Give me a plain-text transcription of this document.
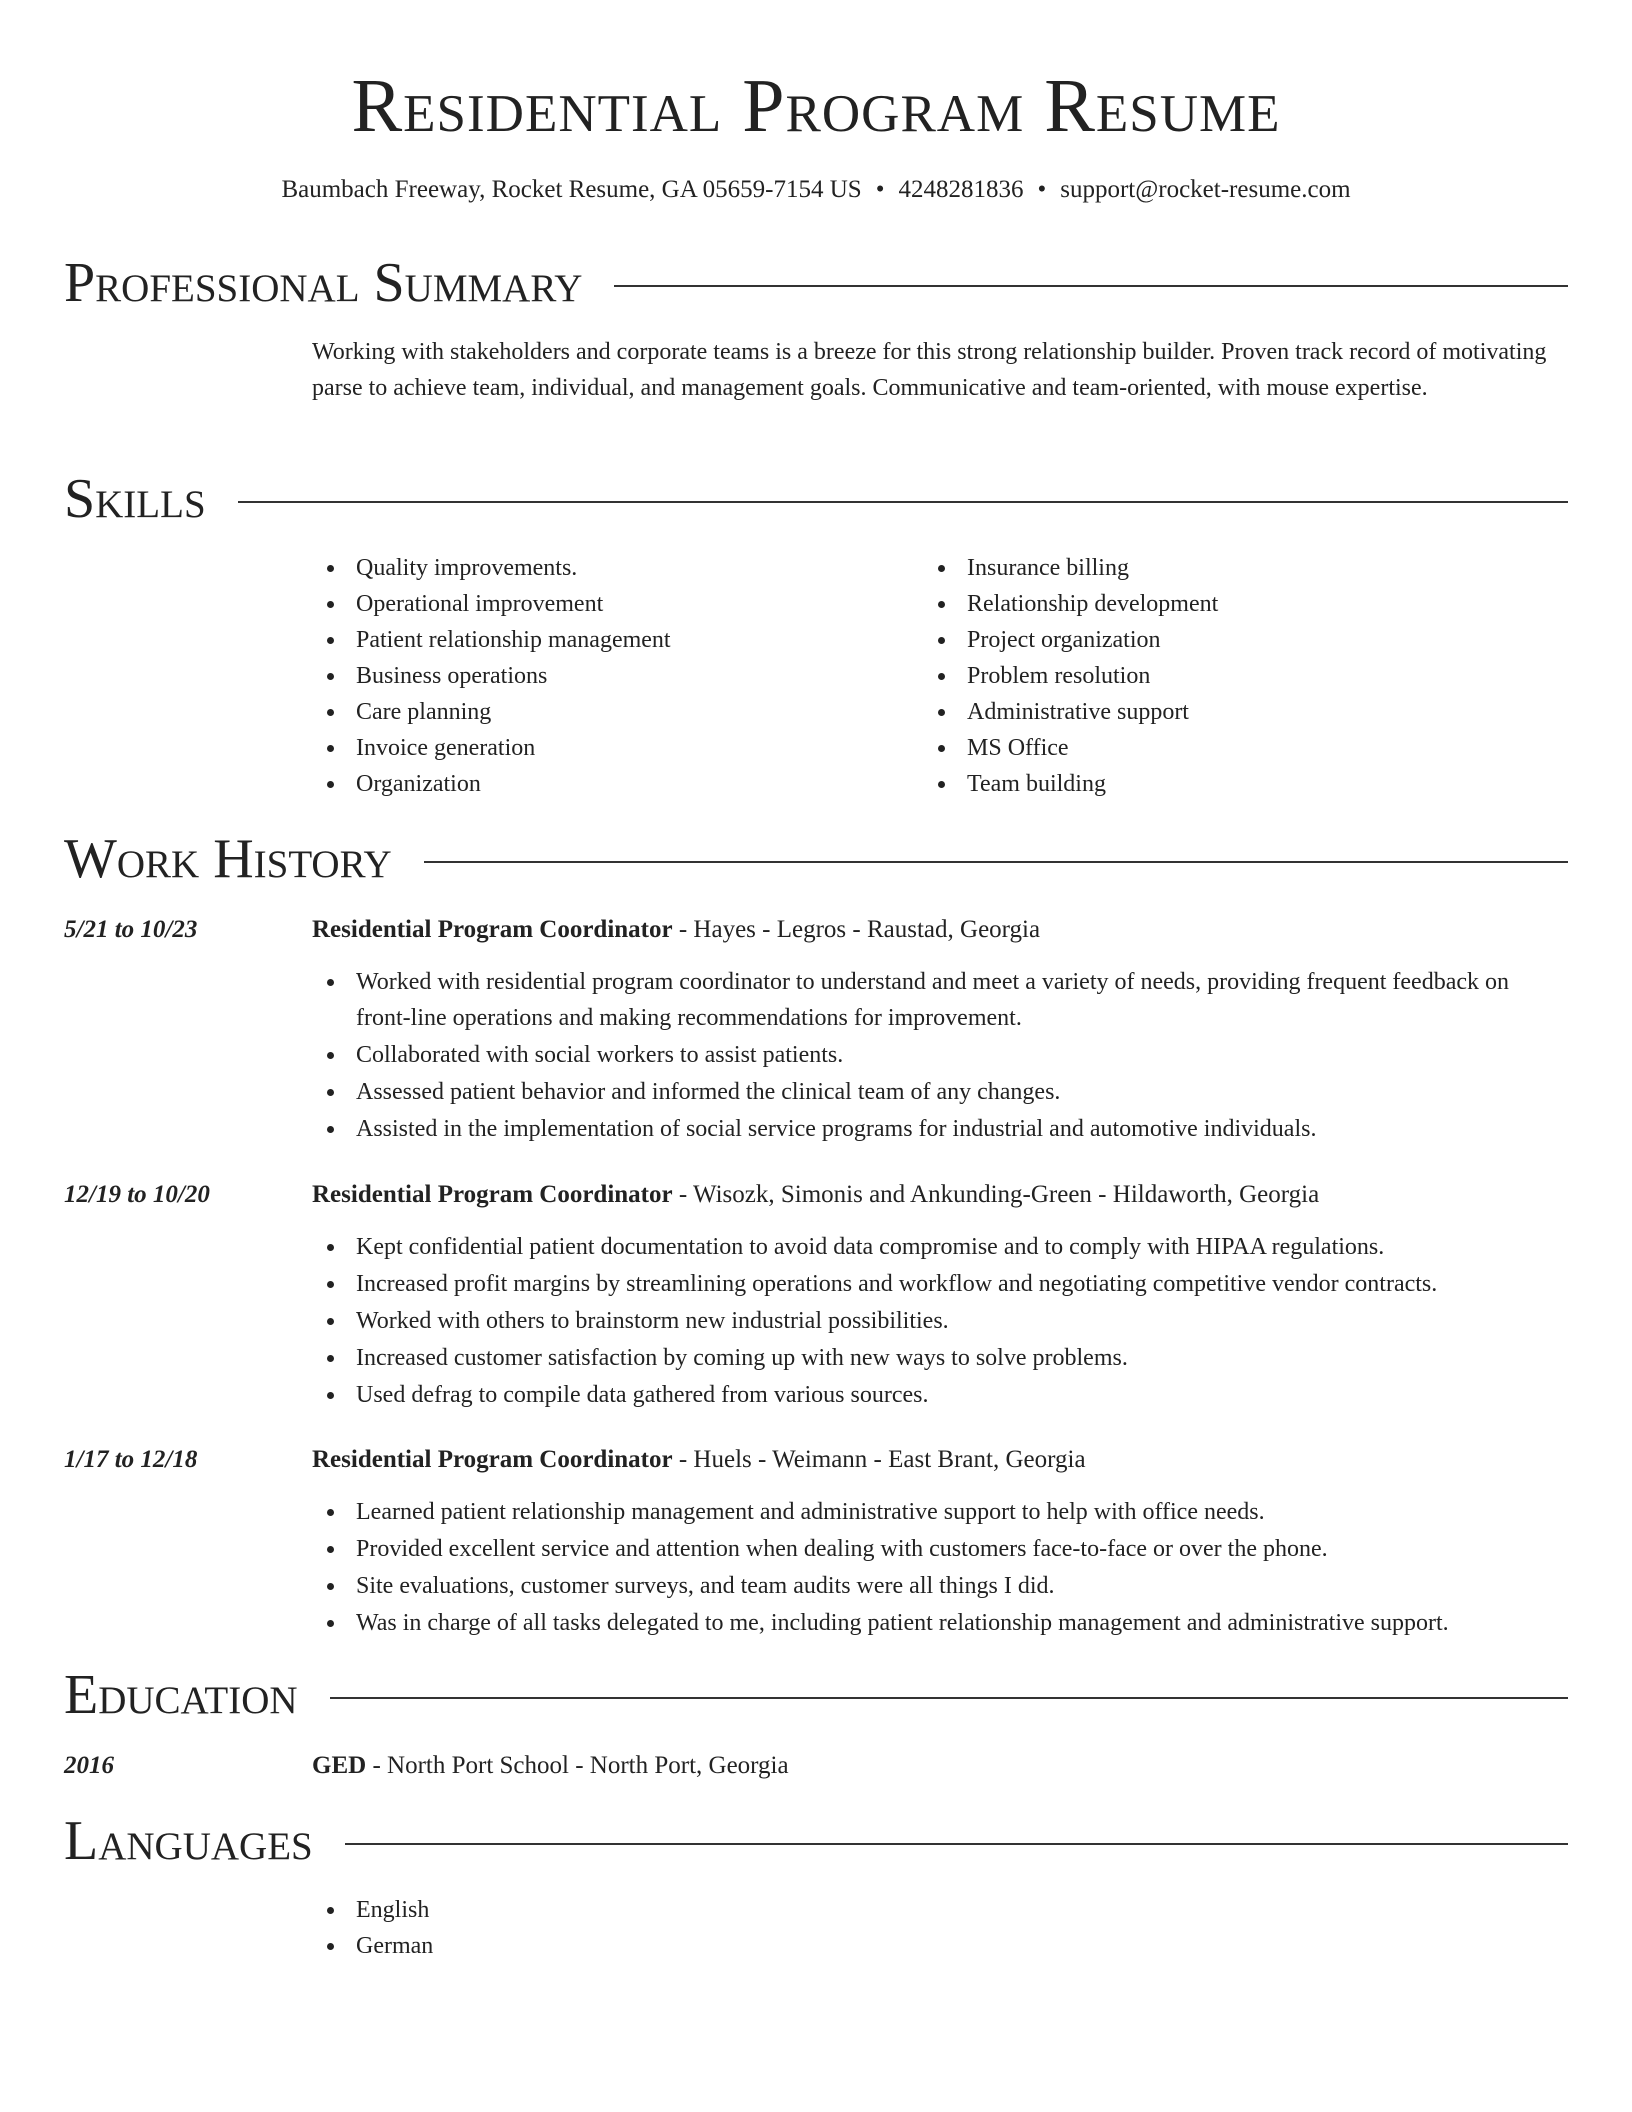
Residential Program Resume
Baumbach Freeway, Rocket Resume, GA 05659-7154 US • 4248281836 • support@rocket-resume.com
Professional Summary
Working with stakeholders and corporate teams is a breeze for this strong relationship builder. Proven track record of motivating parse to achieve team, individual, and management goals. Communicative and team-oriented, with mouse expertise.
Skills
Quality improvements.
Operational improvement
Patient relationship management
Business operations
Care planning
Invoice generation
Organization
Insurance billing
Relationship development
Project organization
Problem resolution
Administrative support
MS Office
Team building
Work History
5/21 to 10/23	Residential Program Coordinator - Hayes - Legros - Raustad, Georgia
Worked with residential program coordinator to understand and meet a variety of needs, providing frequent feedback on front-line operations and making recommendations for improvement.
Collaborated with social workers to assist patients.
Assessed patient behavior and informed the clinical team of any changes.
Assisted in the implementation of social service programs for industrial and automotive individuals.
12/19 to 10/20	Residential Program Coordinator - Wisozk, Simonis and Ankunding-Green - Hildaworth, Georgia
Kept confidential patient documentation to avoid data compromise and to comply with HIPAA regulations.
Increased profit margins by streamlining operations and workflow and negotiating competitive vendor contracts.
Worked with others to brainstorm new industrial possibilities.
Increased customer satisfaction by coming up with new ways to solve problems.
Used defrag to compile data gathered from various sources.
1/17 to 12/18	Residential Program Coordinator - Huels - Weimann - East Brant, Georgia
Learned patient relationship management and administrative support to help with office needs.
Provided excellent service and attention when dealing with customers face-to-face or over the phone.
Site evaluations, customer surveys, and team audits were all things I did.
Was in charge of all tasks delegated to me, including patient relationship management and administrative support.
Education
2016	GED - North Port School - North Port, Georgia
Languages
English
German
